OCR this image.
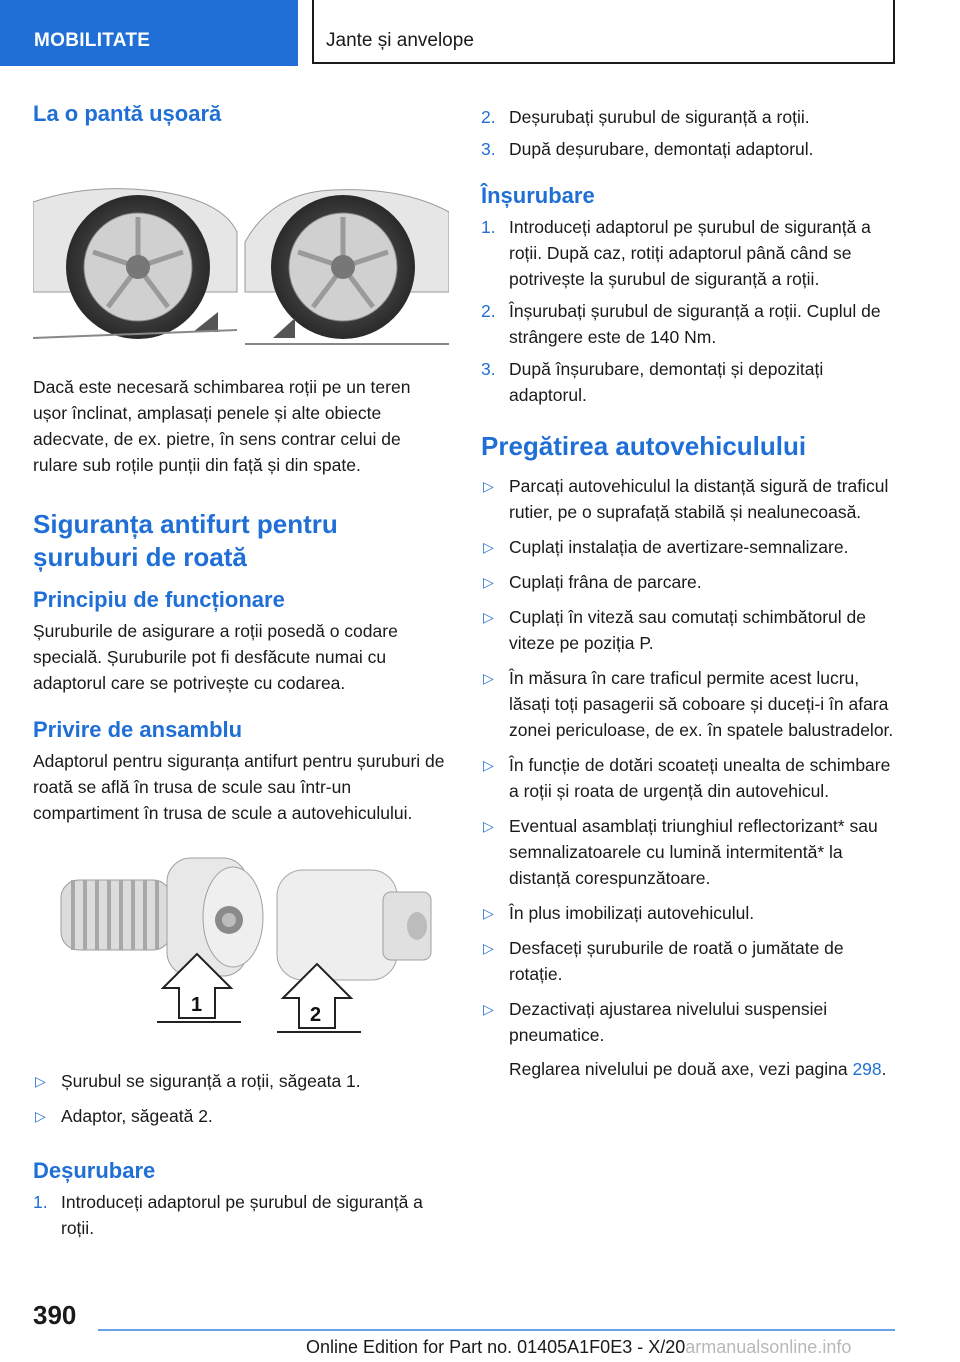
MOBILITATE	Jante și anvelope
La o pantă ușoară

Dacă este necesară schimbarea roții pe un teren ușor înclinat, amplasați penele și alte obiecte adecvate, de ex. pietre, în sens contrar celui de rulare sub roțile punții din față și din spate.

Siguranța antifurt pentru șuruburi de roată
Principiu de funcționare

Șuruburile de asigurare a roții posedă o codare specială. Șuruburile pot fi desfăcute numai cu adaptorul care se potrivește cu codarea.

Privire de ansamblu

Adaptorul pentru siguranța antifurt pentru șuruburi de roată se află în trusa de scule sau într-un compartiment în trusa de scule a autovehiculului.

1	2
▷ Șurubul se siguranță a roții, săgeata 1.
▷ Adaptor, săgeată 2.
Deșurubare
1. Introduceți adaptorul pe șurubul de siguranță a roții.
2. Deșurubați șurubul de siguranță a roții.
3. După deșurubare, demontați adaptorul.
Înșurubare
1. Introduceți adaptorul pe șurubul de siguranță a roții. După caz, rotiți adaptorul până când se potrivește la șurubul de siguranță a roții.
2. Înșurubați șurubul de siguranță a roții. Cuplul de strângere este de 140 Nm.
3. După înșurubare, demontați și depozitați adaptorul.
Pregătirea autovehiculului
▷ Parcați autovehiculul la distanță sigură de traficul rutier, pe o suprafață stabilă și nealunecoasă.
▷ Cuplați instalația de avertizare-semnalizare.
▷ Cuplați frâna de parcare.
▷ Cuplați în viteză sau comutați schimbătorul de viteze pe poziția P.
▷ În măsura în care traficul permite acest lucru, lăsați toți pasagerii să coboare și duceți-i în afara zonei periculoase, de ex. în spatele balustradelor.
▷ În funcție de dotări scoateți unealta de schimbare a roții și roata de urgență din autovehicul.
▷ Eventual asamblați triunghiul reflectorizant* sau semnalizatoarele cu lumină intermitentă* la distanță corespunzătoare.
▷ În plus imobilizați autovehiculul.
▷ Desfaceți șuruburile de roată o jumătate de rotație.
▷ Dezactivați ajustarea nivelului suspensiei pneumatice.
Reglarea nivelului pe două axe, vezi pagina 298.
390
Online Edition for Part no. 01405A1F0E3 - X/20armanualsonline.info
